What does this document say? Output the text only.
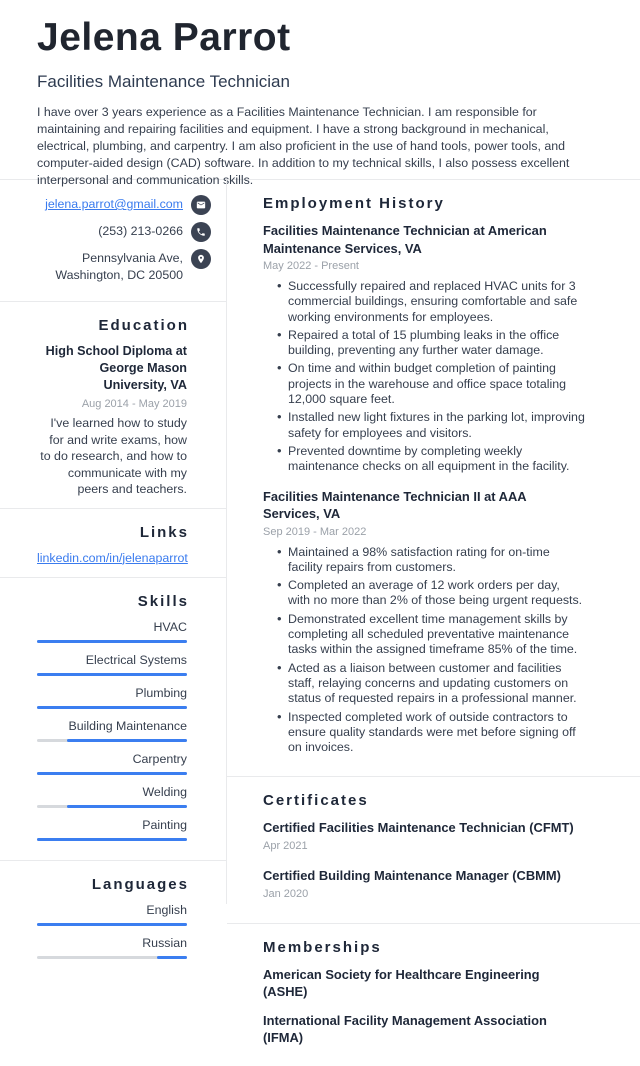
Jelena Parrot
Facilities Maintenance Technician
I have over 3 years experience as a Facilities Maintenance Technician. I am responsible for maintaining and repairing facilities and equipment. I have a strong background in mechanical, electrical, plumbing, and carpentry. I am also proficient in the use of hand tools, power tools, and computer-aided design (CAD) software. In addition to my technical skills, I also possess excellent interpersonal and communication skills.
jelena.parrot@gmail.com
(253) 213-0266
Pennsylvania Ave, Washington, DC 20500
Education
High School Diploma at George Mason University, VA
Aug 2014 - May 2019
I've learned how to study for and write exams, how to do research, and how to communicate with my peers and teachers.
Links
linkedin.com/in/jelenaparrot
Skills
HVAC
Electrical Systems
Plumbing
Building Maintenance
Carpentry
Welding
Painting
Languages
English
Russian
Employment History
Facilities Maintenance Technician at American Maintenance Services, VA
May 2022 - Present
• Successfully repaired and replaced HVAC units for 3 commercial buildings, ensuring comfortable and safe working environments for employees.
• Repaired a total of 15 plumbing leaks in the office building, preventing any further water damage.
• On time and within budget completion of painting projects in the warehouse and office space totaling 12,000 square feet.
• Installed new light fixtures in the parking lot, improving safety for employees and visitors.
• Prevented downtime by completing weekly maintenance checks on all equipment in the facility.
Facilities Maintenance Technician II at AAA Services, VA
Sep 2019 - Mar 2022
• Maintained a 98% satisfaction rating for on-time facility repairs from customers.
• Completed an average of 12 work orders per day, with no more than 2% of those being urgent requests.
• Demonstrated excellent time management skills by completing all scheduled preventative maintenance tasks within the assigned timeframe 85% of the time.
• Acted as a liaison between customer and facilities staff, relaying concerns and updating customers on status of requested repairs in a professional manner.
• Inspected completed work of outside contractors to ensure quality standards were met before signing off on invoices.
Certificates
Certified Facilities Maintenance Technician (CFMT)
Apr 2021
Certified Building Maintenance Manager (CBMM)
Jan 2020
Memberships
American Society for Healthcare Engineering (ASHE)
International Facility Management Association (IFMA)
